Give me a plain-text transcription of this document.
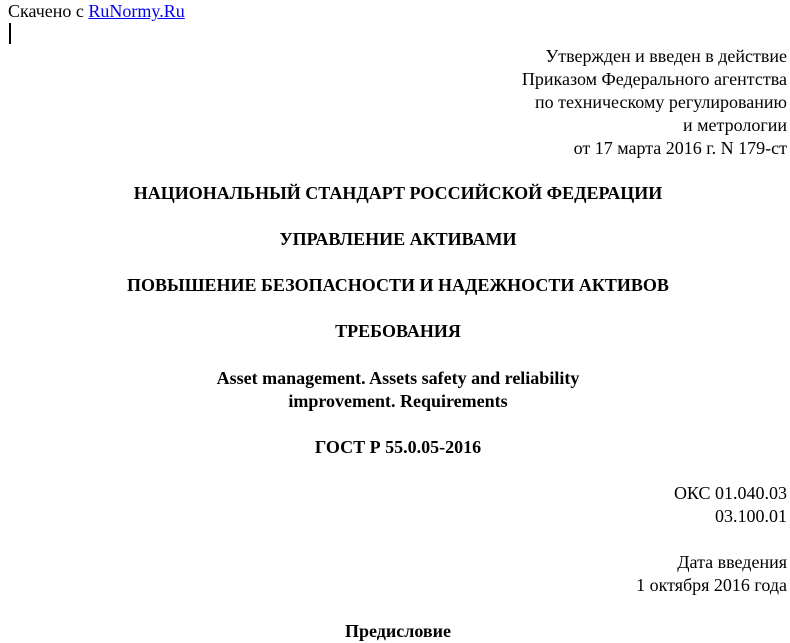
Скачено с RuNormy.Ru
Утвержден и введен в действие
Приказом Федерального агентства
по техническому регулированию
и метрологии
от 17 марта 2016 г. N 179-ст
НАЦИОНАЛЬНЫЙ СТАНДАРТ РОССИЙСКОЙ ФЕДЕРАЦИИ
УПРАВЛЕНИЕ АКТИВАМИ
ПОВЫШЕНИЕ БЕЗОПАСНОСТИ И НАДЕЖНОСТИ АКТИВОВ
ТРЕБОВАНИЯ
Asset management. Assets safety and reliability
improvement. Requirements
ГОСТ Р 55.0.05-2016
ОКС 01.040.03
03.100.01
Дата введения
1 октября 2016 года
Предисловие
